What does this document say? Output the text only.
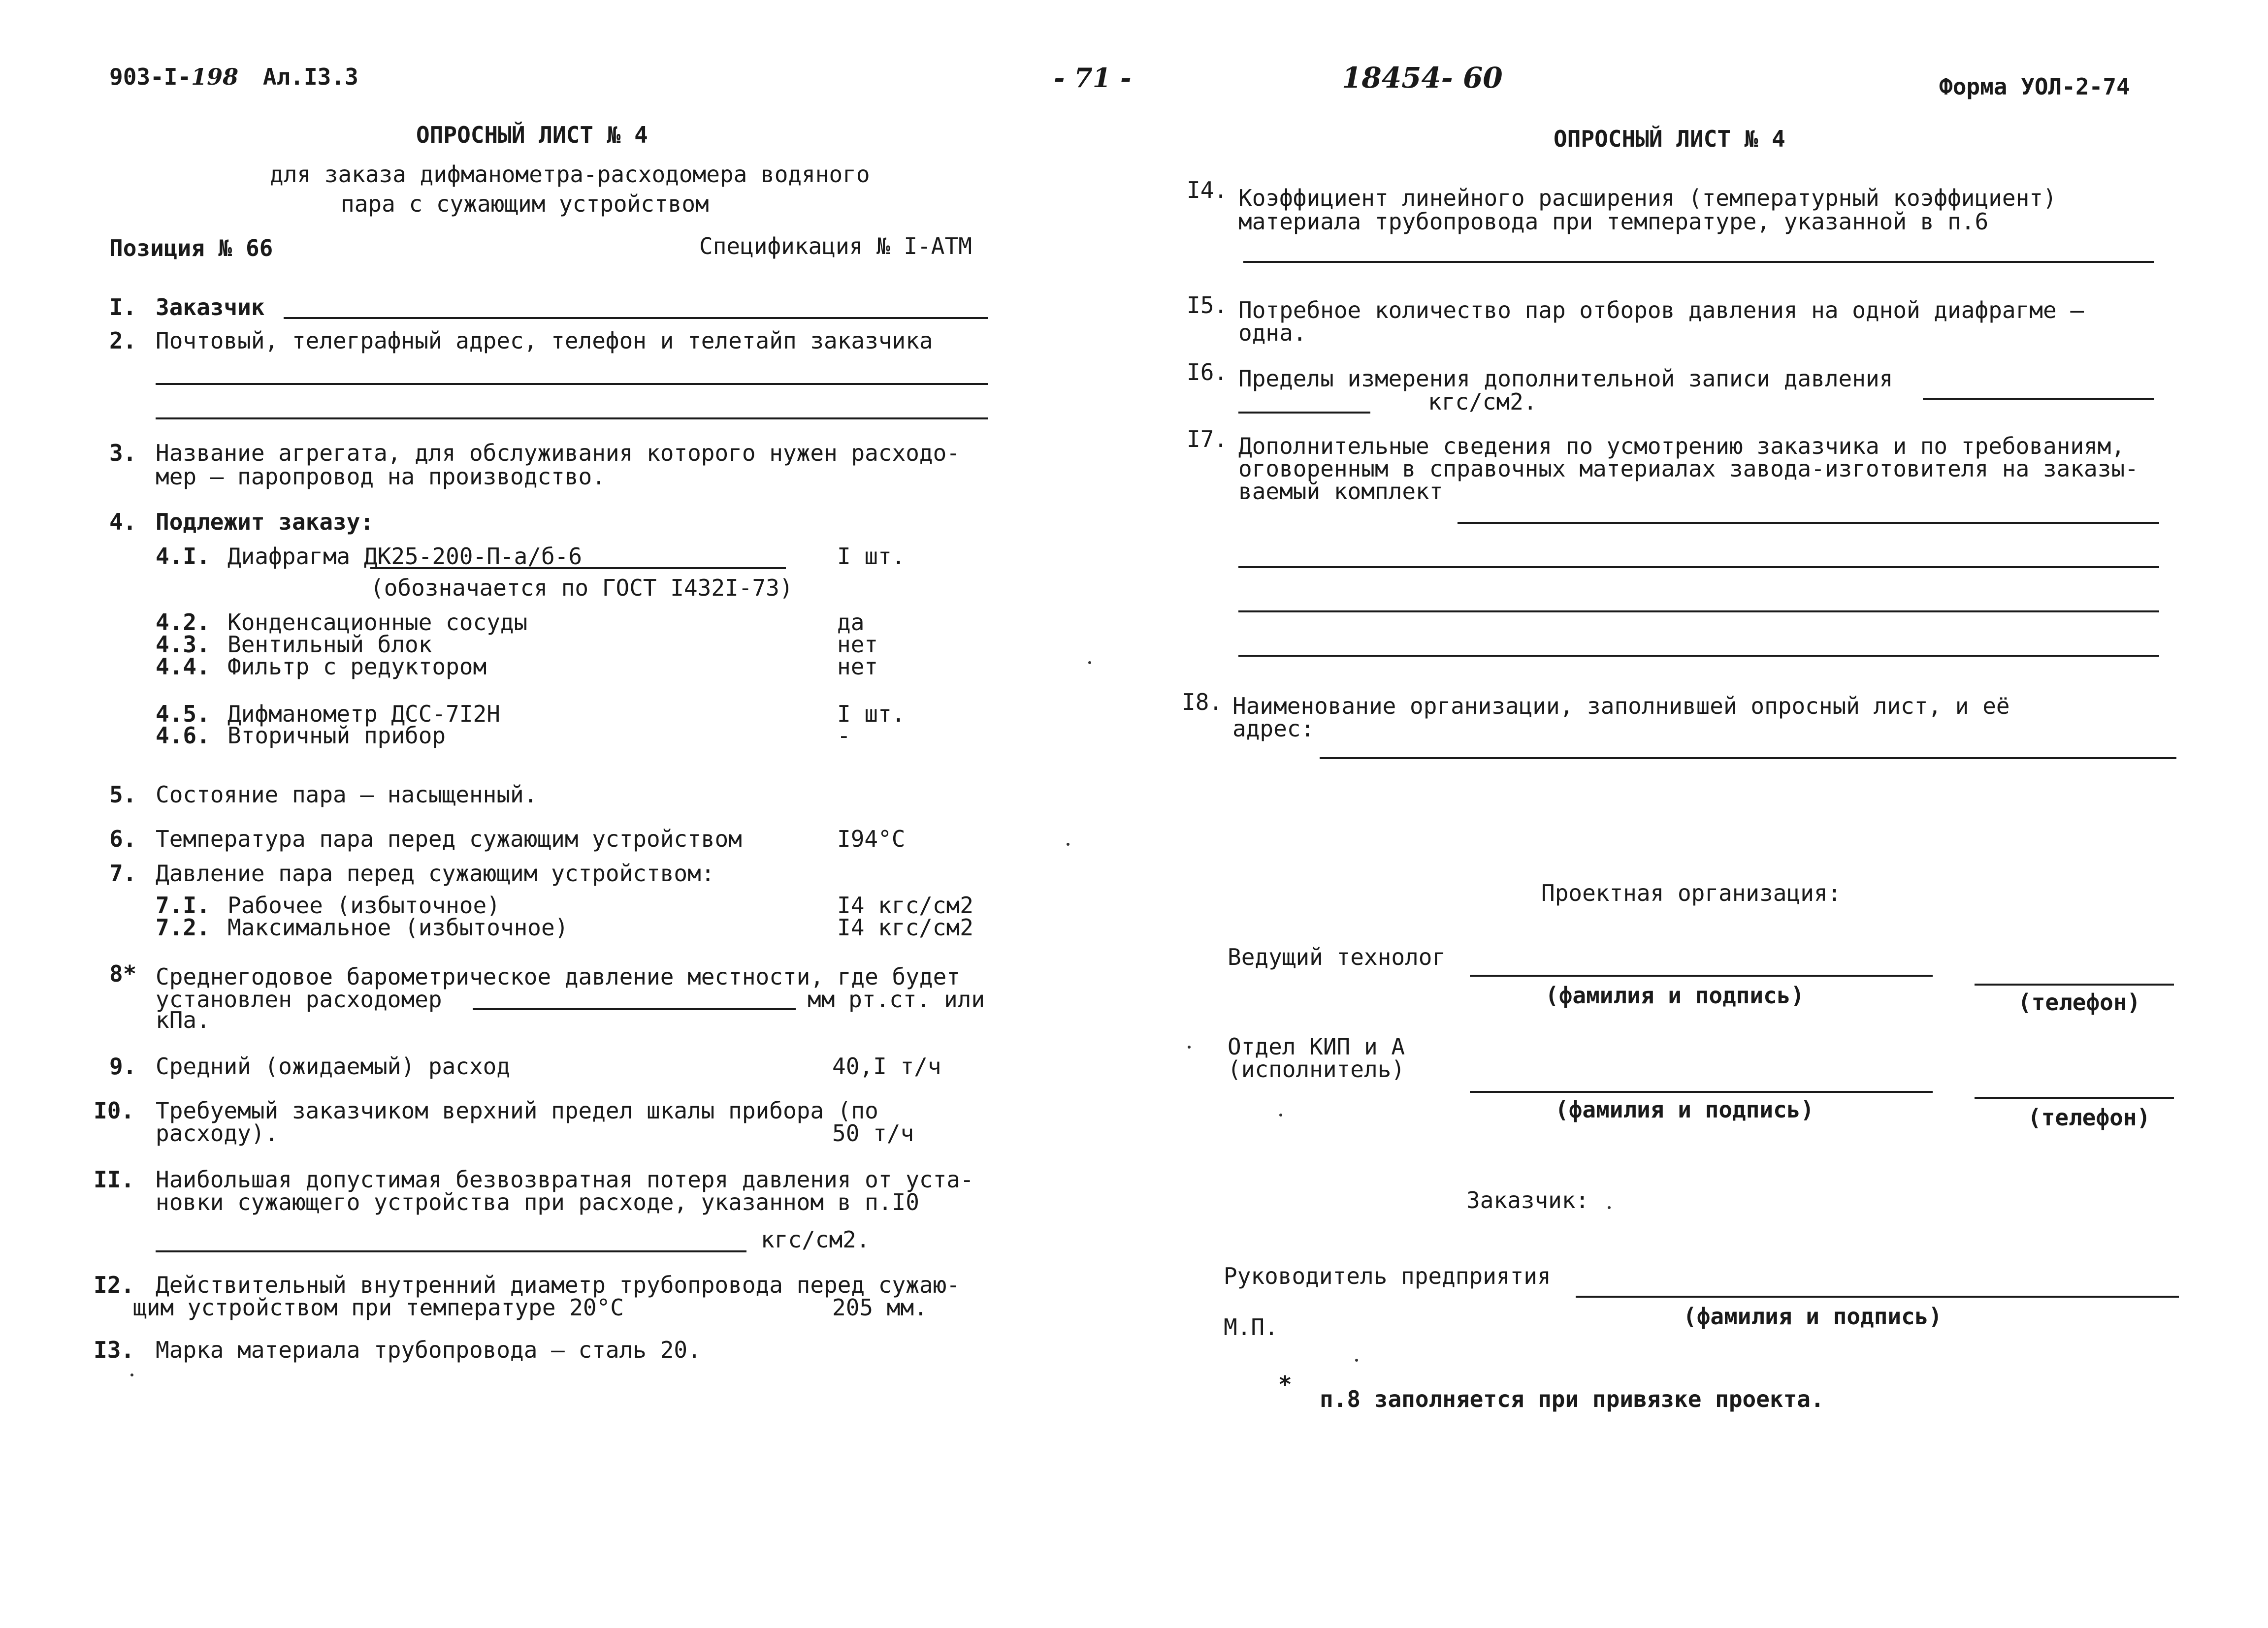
903-I-198 Ал.I3.3	- 71 -	18454- 60	Форма УОЛ-2-74
ОПРОСНЫЙ ЛИСТ № 4
для заказа дифманометра-расходомера водяного
пара с сужающим устройством
Позиция № 66	Спецификация № I-АТМ
I. Заказчик
2. Почтовый, телеграфный адрес, телефон и телетайп заказчика
3. Название агрегата, для обслуживания которого нужен расходо-
мер – паропровод на производство.
4. Подлежит заказу:
4.I. Диафрагма ДК25-200-П-а/б-6	I шт.
(обозначается по ГОСТ I432I-73)
4.2. Конденсационные сосуды	да
4.3. Вентильный блок	нет
4.4. Фильтр с редуктором	нет
4.5. Дифманометр ДСС-7I2Н	I шт.
4.6. Вторичный прибор	-
5. Состояние пара – насыщенный.
6. Температура пара перед сужающим устройством	I94°С
7. Давление пара перед сужающим устройством:
7.I. Рабочее (избыточное)	I4 кгс/см2
7.2. Максимальное (избыточное)	I4 кгс/см2
8* Среднегодовое барометрическое давление местности, где будет
установлен расходомер	мм рт.ст. или
кПа.
9. Средний (ожидаемый) расход	40,I т/ч
I0. Требуемый заказчиком верхний предел шкалы прибора (по
расходу).	50 т/ч
II. Наибольшая допустимая безвозвратная потеря давления от уста-
новки сужающего устройства при расходе, указанном в п.I0
кгс/см2.
I2. Действительный внутренний диаметр трубопровода перед сужаю-
щим устройством при температуре 20°С	205 мм.
I3. Марка материала трубопровода – сталь 20.
ОПРОСНЫЙ ЛИСТ № 4
I4. Коэффициент линейного расширения (температурный коэффициент)
материала трубопровода при температуре, указанной в п.6
I5. Потребное количество пар отборов давления на одной диафрагме –
одна.
I6. Пределы измерения дополнительной записи давления
кгс/см2.
I7. Дополнительные сведения по усмотрению заказчика и по требованиям,
оговоренным в справочных материалах завода-изготовителя на заказы-
ваемый комплект
I8. Наименование организации, заполнившей опросный лист, и её
адрес:
Проектная организация:
Ведущий технолог
(фамилия и подпись)	(телефон)
Отдел КИП и А
(исполнитель)
(фамилия и подпись)	(телефон)
Заказчик:
Руководитель предприятия
(фамилия и подпись)
М.П.
*
п.8 заполняется при привязке проекта.
